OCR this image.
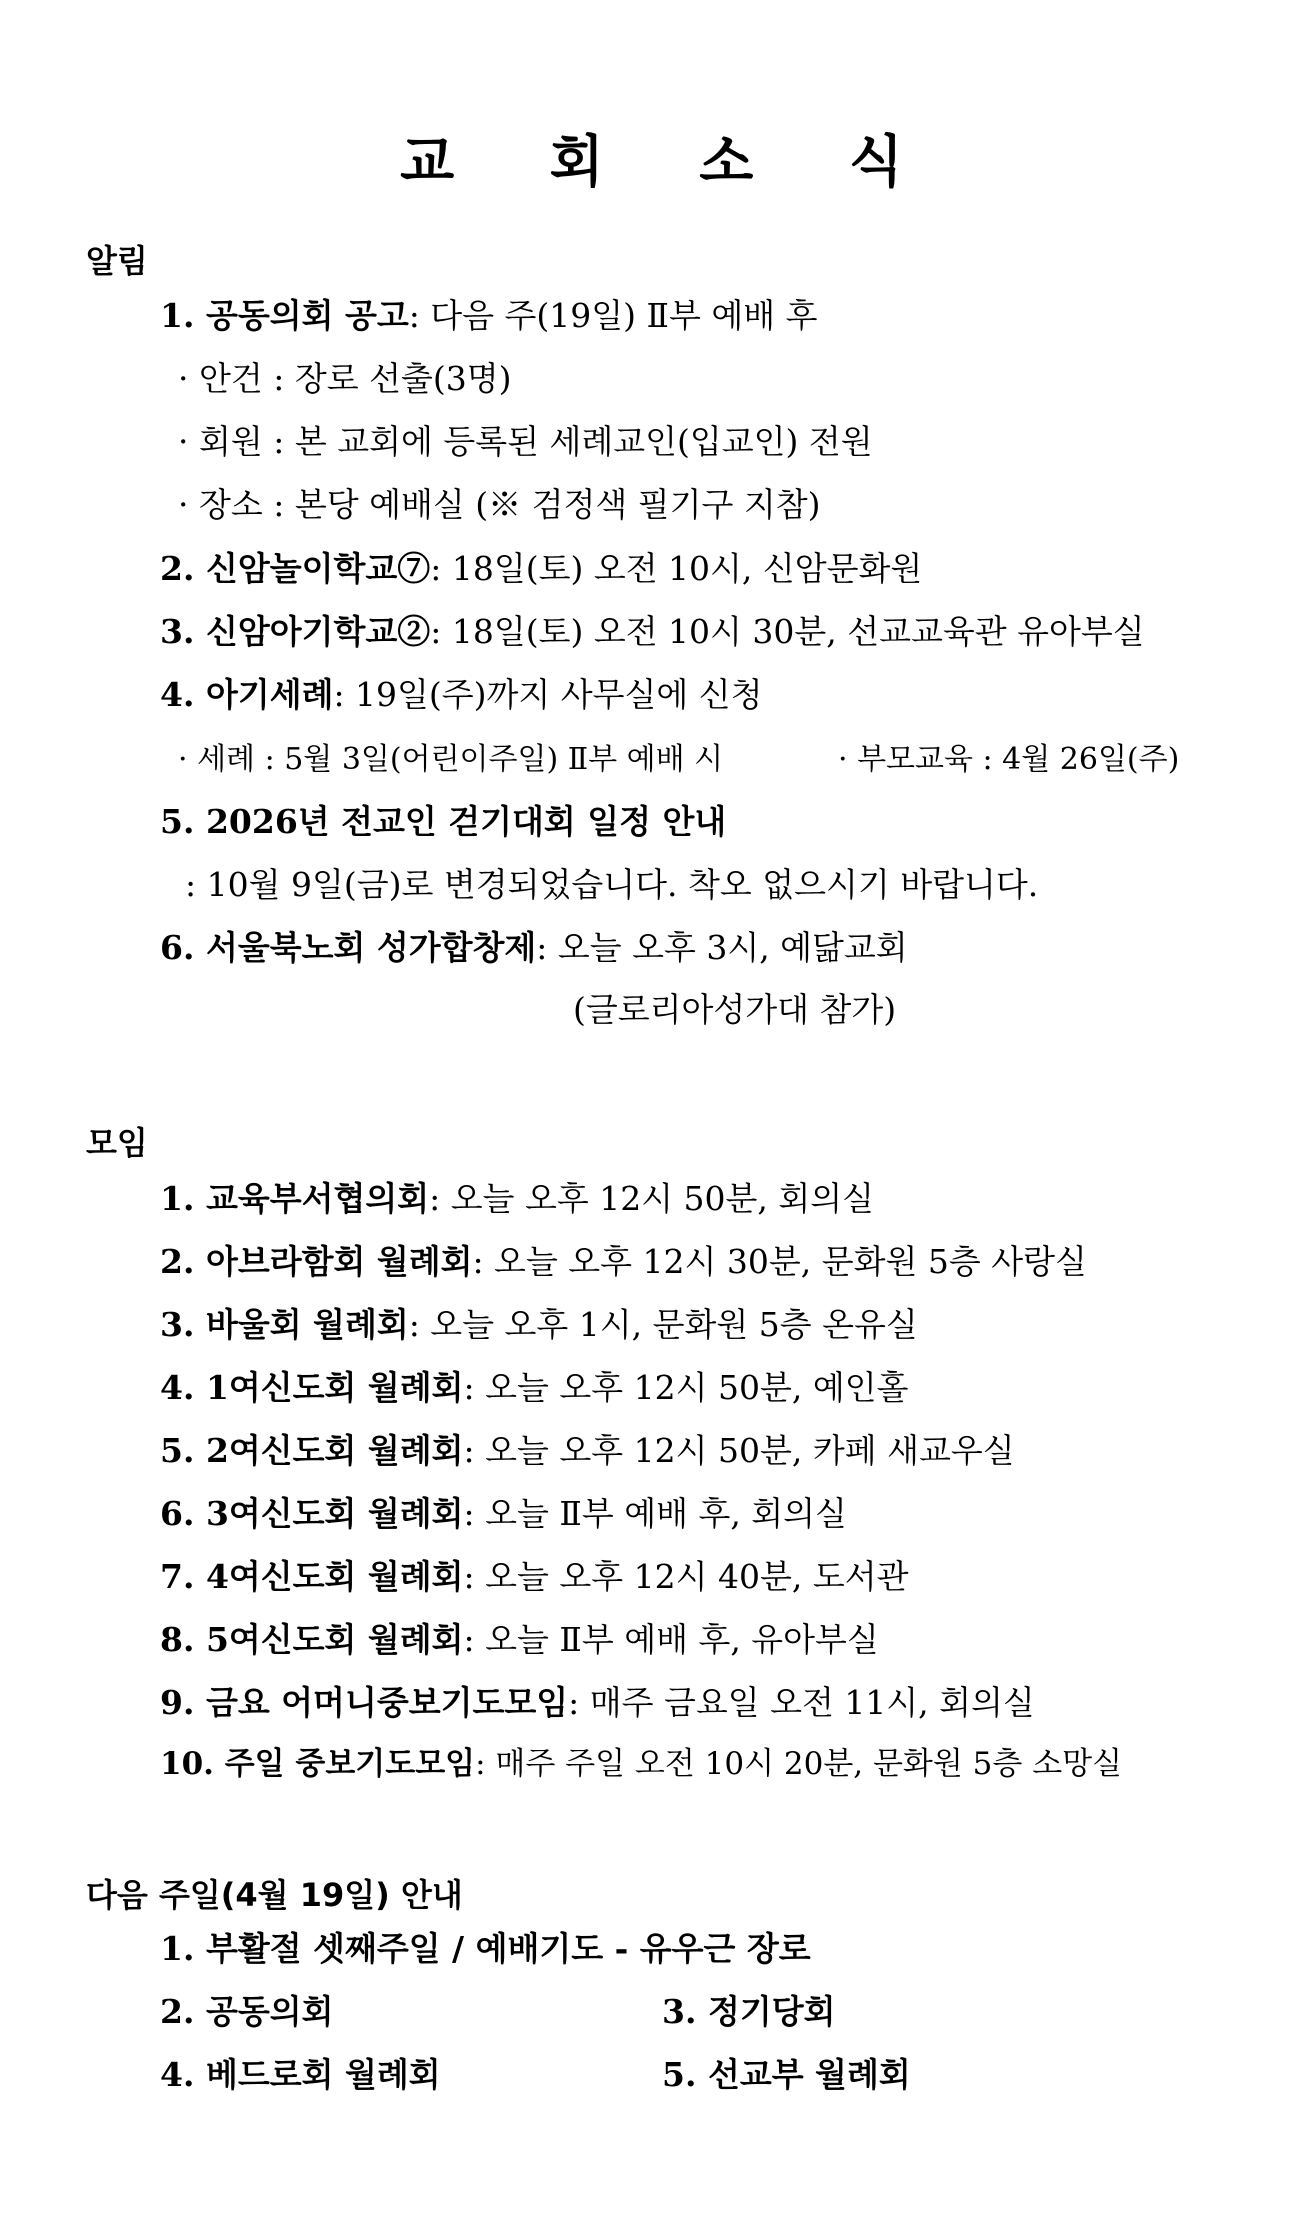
교 회 소 식
알림
1. 공동의회 공고: 다음 주(19일) Ⅱ부 예배 후
· 안건 : 장로 선출(3명)
· 회원 : 본 교회에 등록된 세례교인(입교인) 전원
· 장소 : 본당 예배실 (※ 검정색 필기구 지참)
2. 신암놀이학교⑦: 18일(토) 오전 10시, 신암문화원
3. 신암아기학교②: 18일(토) 오전 10시 30분, 선교교육관 유아부실
4. 아기세례: 19일(주)까지 사무실에 신청
· 세례 : 5월 3일(어린이주일) Ⅱ부 예배 시	· 부모교육 : 4월 26일(주)
5. 2026년 전교인 걷기대회 일정 안내
: 10월 9일(금)로 변경되었습니다. 착오 없으시기 바랍니다.
6. 서울북노회 성가합창제: 오늘 오후 3시, 예닮교회
(글로리아성가대 참가)
모임
1. 교육부서협의회: 오늘 오후 12시 50분, 회의실
2. 아브라함회 월례회: 오늘 오후 12시 30분, 문화원 5층 사랑실
3. 바울회 월례회: 오늘 오후 1시, 문화원 5층 온유실
4. 1여신도회 월례회: 오늘 오후 12시 50분, 예인홀
5. 2여신도회 월례회: 오늘 오후 12시 50분, 카페 새교우실
6. 3여신도회 월례회: 오늘 Ⅱ부 예배 후, 회의실
7. 4여신도회 월례회: 오늘 오후 12시 40분, 도서관
8. 5여신도회 월례회: 오늘 Ⅱ부 예배 후, 유아부실
9. 금요 어머니중보기도모임: 매주 금요일 오전 11시, 회의실
10. 주일 중보기도모임: 매주 주일 오전 10시 20분, 문화원 5층 소망실
다음 주일(4월 19일) 안내
1. 부활절 셋째주일 / 예배기도 - 유우근 장로
2. 공동의회	3. 정기당회
4. 베드로회 월례회	5. 선교부 월례회
